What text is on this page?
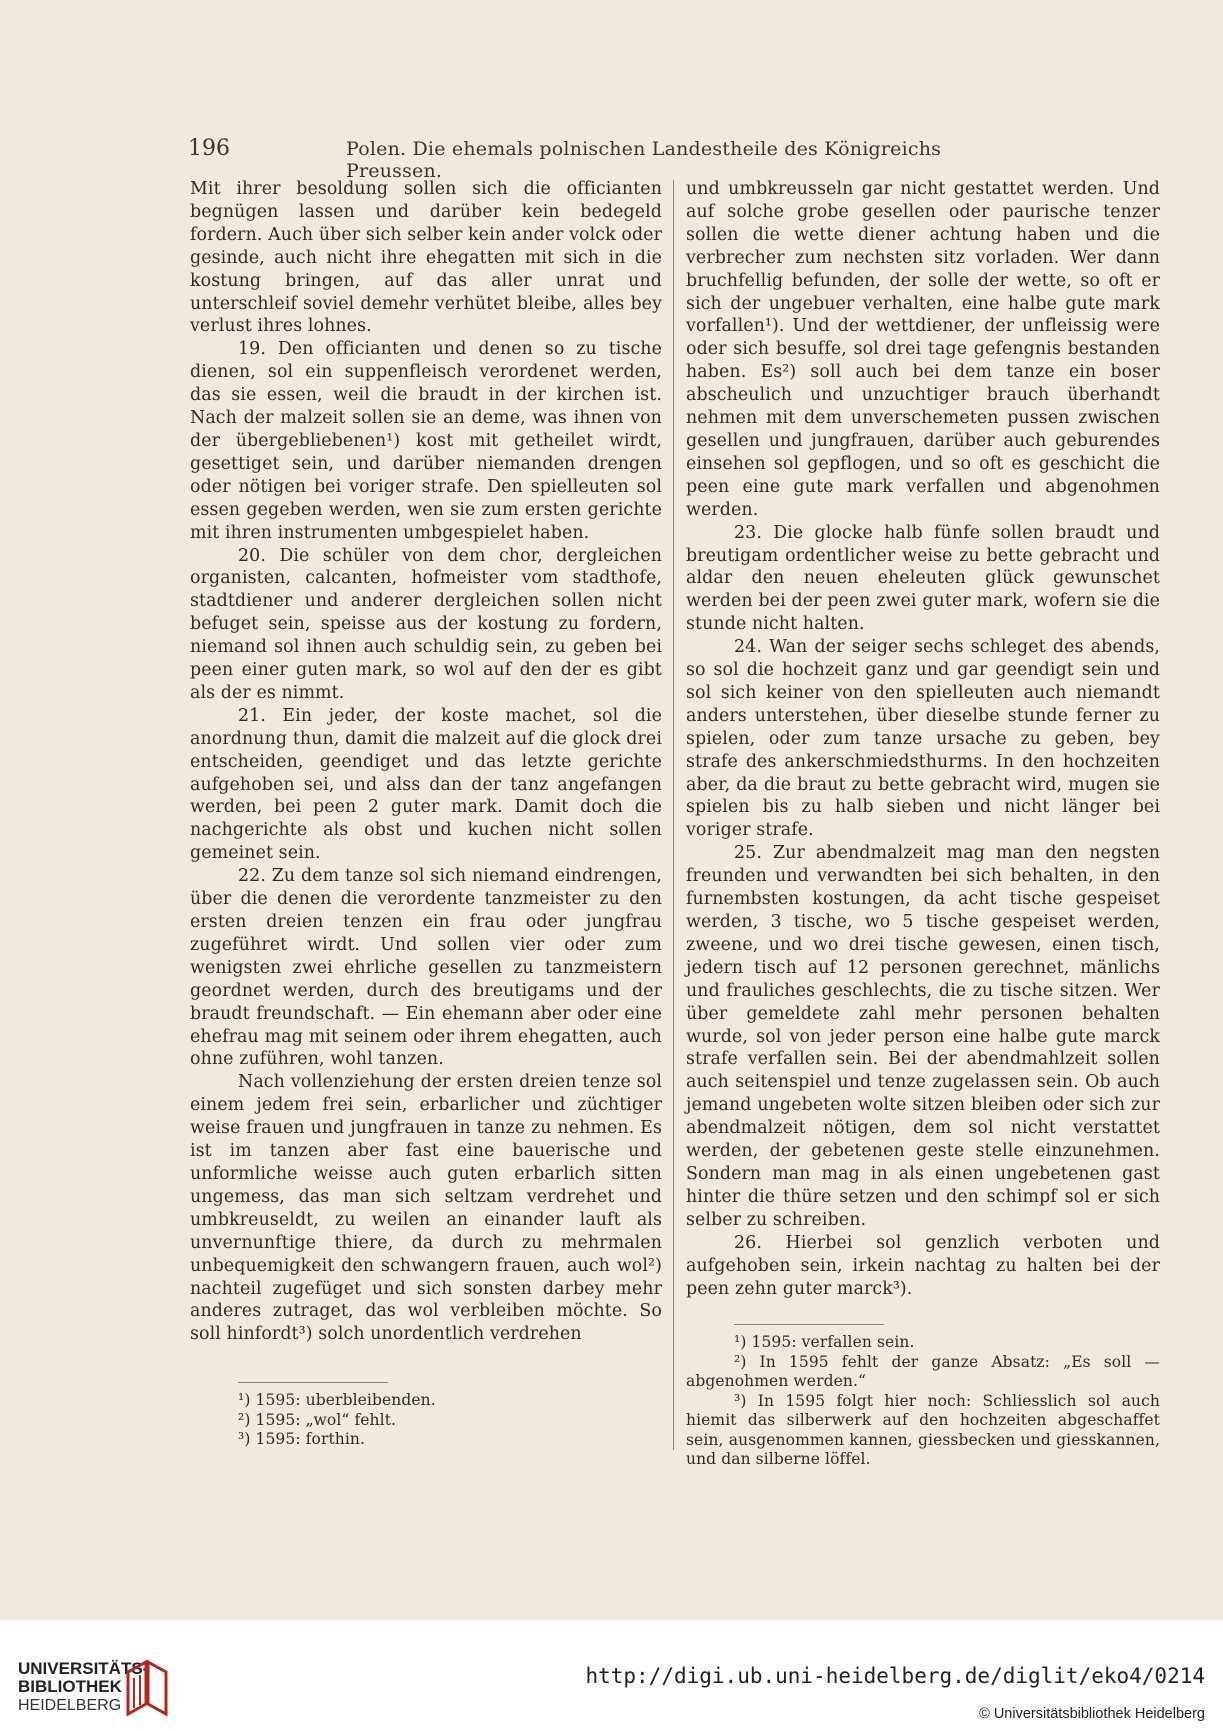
196	Polen. Die ehemals polnischen Landestheile des Königreichs Preussen.

Mit ihrer besoldung sollen sich die officianten begnügen lassen und darüber kein bedegeld fordern. Auch über sich selber kein ander volck oder gesinde, auch nicht ihre ehegatten mit sich in die kostung bringen, auf das aller unrat und unterschleif soviel demehr verhütet bleibe, alles bey verlust ihres lohnes.

19. Den officianten und denen so zu tische dienen, sol ein suppenfleisch verordenet werden, das sie essen, weil die braudt in der kirchen ist. Nach der malzeit sollen sie an deme, was ihnen von der übergebliebenen¹) kost mit getheilet wirdt, gesettiget sein, und darüber niemanden drengen oder nötigen bei voriger strafe. Den spielleuten sol essen gegeben werden, wen sie zum ersten gerichte mit ihren instrumenten umbgespielet haben.

20. Die schüler von dem chor, dergleichen organisten, calcanten, hofmeister vom stadthofe, stadtdiener und anderer dergleichen sollen nicht befuget sein, speisse aus der kostung zu fordern, niemand sol ihnen auch schuldig sein, zu geben bei peen einer guten mark, so wol auf den der es gibt als der es nimmt.

21. Ein jeder, der koste machet, sol die anordnung thun, damit die malzeit auf die glock drei entscheiden, geendiget und das letzte gerichte aufgehoben sei, und alss dan der tanz angefangen werden, bei peen 2 guter mark. Damit doch die nachgerichte als obst und kuchen nicht sollen gemeinet sein.

22. Zu dem tanze sol sich niemand eindrengen, über die denen die verordente tanzmeister zu den ersten dreien tenzen ein frau oder jungfrau zugeführet wirdt. Und sollen vier oder zum wenigsten zwei ehrliche gesellen zu tanzmeistern geordnet werden, durch des breutigams und der braudt freundschaft. — Ein ehemann aber oder eine ehefrau mag mit seinem oder ihrem ehegatten, auch ohne zuführen, wohl tanzen.

Nach vollenziehung der ersten dreien tenze sol einem jedem frei sein, erbarlicher und züchtiger weise frauen und jungfrauen in tanze zu nehmen. Es ist im tanzen aber fast eine bauerische und unformliche weisse auch guten erbarlich sitten ungemess, das man sich seltzam verdrehet und umbkreuseldt, zu weilen an einander lauft als unvernunftige thiere, da durch zu mehrmalen unbequemigkeit den schwangern frauen, auch wol²) nachteil zugefüget und sich sonsten darbey mehr anderes zutraget, das wol verbleiben möchte. So soll hinfordt³) solch unordentlich verdrehen

¹) 1595: uberbleibenden.

²) 1595: „wol“ fehlt.

³) 1595: forthin.

und umbkreusseln gar nicht gestattet werden. Und auf solche grobe gesellen oder paurische tenzer sollen die wette diener achtung haben und die verbrecher zum nechsten sitz vorladen. Wer dann bruchfellig befunden, der solle der wette, so oft er sich der ungebuer verhalten, eine halbe gute mark vorfallen¹). Und der wettdiener, der unfleissig were oder sich besuffe, sol drei tage gefengnis bestanden haben. Es²) soll auch bei dem tanze ein boser abscheulich und unzuchtiger brauch überhandt nehmen mit dem unverschemeten pussen zwischen gesellen und jungfrauen, darüber auch geburendes einsehen sol gepflogen, und so oft es geschicht die peen eine gute mark verfallen und abgenohmen werden.

23. Die glocke halb fünfe sollen braudt und breutigam ordentlicher weise zu bette gebracht und aldar den neuen eheleuten glück gewunschet werden bei der peen zwei guter mark, wofern sie die stunde nicht halten.

24. Wan der seiger sechs schleget des abends, so sol die hochzeit ganz und gar geendigt sein und sol sich keiner von den spielleuten auch niemandt anders unterstehen, über dieselbe stunde ferner zu spielen, oder zum tanze ursache zu geben, bey strafe des ankerschmiedsthurms. In den hochzeiten aber, da die braut zu bette gebracht wird, mugen sie spielen bis zu halb sieben und nicht länger bei voriger strafe.

25. Zur abendmalzeit mag man den negsten freunden und verwandten bei sich behalten, in den furnembsten kostungen, da acht tische gespeiset werden, 3 tische, wo 5 tische gespeiset werden, zweene, und wo drei tische gewesen, einen tisch, jedern tisch auf 12 personen gerechnet, mänlichs und frauliches geschlechts, die zu tische sitzen. Wer über gemeldete zahl mehr personen behalten wurde, sol von jeder person eine halbe gute marck strafe verfallen sein. Bei der abendmahlzeit sollen auch seitenspiel und tenze zugelassen sein. Ob auch jemand ungebeten wolte sitzen bleiben oder sich zur abendmalzeit nötigen, dem sol nicht verstattet werden, der gebetenen geste stelle einzunehmen. Sondern man mag in als einen ungebetenen gast hinter die thüre setzen und den schimpf sol er sich selber zu schreiben.

26. Hierbei sol genzlich verboten und aufgehoben sein, irkein nachtag zu halten bei der peen zehn guter marck³).

¹) 1595: verfallen sein.

²) In 1595 fehlt der ganze Absatz: „Es soll — abgenohmen werden.“

³) In 1595 folgt hier noch: Schliesslich sol auch hiemit das silberwerk auf den hochzeiten abgeschaffet sein, ausgenommen kannen, giessbecken und giesskannen, und dan silberne löffel.

UNIVERSITÄTS-
BIBLIOTHEK
HEIDELBERG
http://digi.ub.uni-heidelberg.de/diglit/eko4/0214
© Universitätsbibliothek Heidelberg
